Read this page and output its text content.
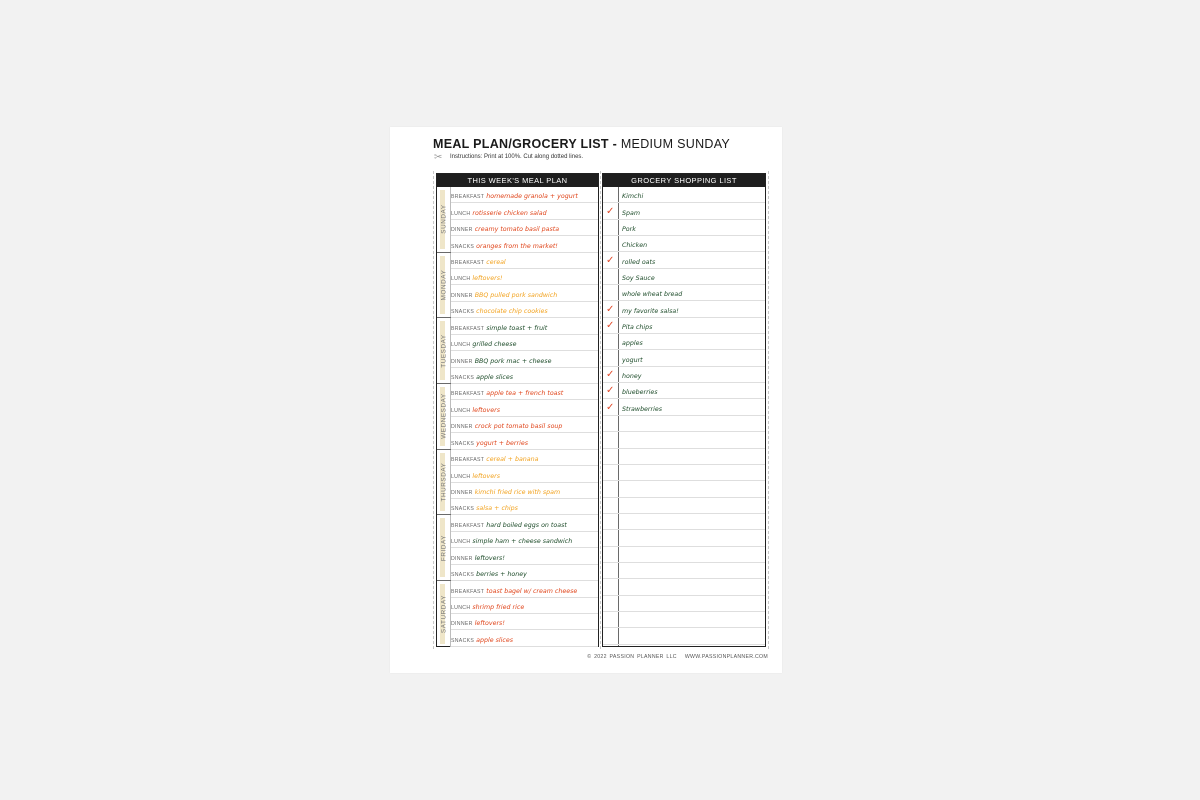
MEAL PLAN/GROCERY LIST - MEDIUM SUNDAY
✂ Instructions: Print at 100%. Cut along dotted lines.
THIS WEEK'S MEAL PLAN
SUNDAY
BREAKFAST homemade granola + yogurt
LUNCH rotisserie chicken salad
DINNER creamy tomato basil pasta
SNACKS oranges from the market!
MONDAY
BREAKFAST cereal
LUNCH leftovers!
DINNER BBQ pulled pork sandwich
SNACKS chocolate chip cookies
TUESDAY
BREAKFAST simple toast + fruit
LUNCH grilled cheese
DINNER BBQ pork mac + cheese
SNACKS apple slices
WEDNESDAY BREAKFAST apple tea + french toast
LUNCH leftovers
DINNER crock pot tomato basil soup
SNACKS yogurt + berries
THURSDAY
BREAKFAST cereal + banana
LUNCH leftovers
DINNER kimchi fried rice with spam
SNACKS salsa + chips
FRIDAY
BREAKFAST hard boiled eggs on toast
LUNCH simple ham + cheese sandwich
DINNER leftovers!
SNACKS berries + honey
SATURDAY
BREAKFAST toast bagel w/ cream cheese
LUNCH shrimp fried rice
DINNER leftovers!
SNACKS apple slices
GROCERY SHOPPING LIST
Kimchi
✓ Spam
Pork
Chicken
✓ rolled oats
Soy Sauce
whole wheat bread
✓ my favorite salsa!
✓ Pita chips
apples
yogurt
✓ honey
✓ blueberries
✓ Strawberries
© 2022 PASSION PLANNER LLC WWW.PASSIONPLANNER.COM
